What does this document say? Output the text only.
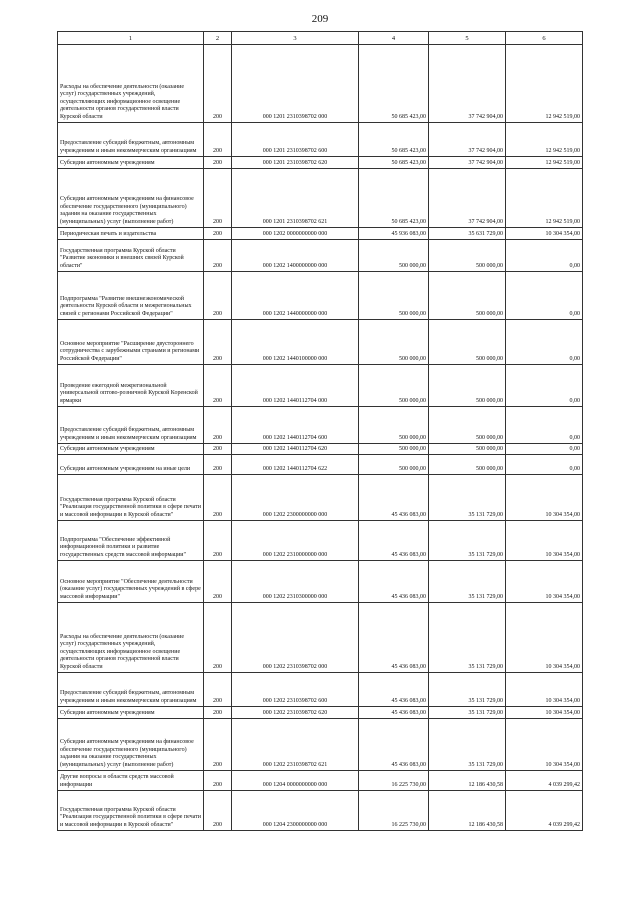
209
1	2	3	4	5	6
Расходы на обеспечение деятельности (оказание услуг) государственных учреждений, осуществляющих информационное освещение деятельности органов государственной власти Курской области	200	000 1201 2310398702 000	50 685 423,00	37 742 904,00	12 942 519,00
Предоставление субсидий бюджетным, автономным учреждениям и иным некоммерческим организациям	200	000 1201 2310398702 600	50 685 423,00	37 742 904,00	12 942 519,00
Субсидии автономным учреждениям	200	000 1201 2310398702 620	50 685 423,00	37 742 904,00	12 942 519,00
Субсидии автономным учреждениям на финансовое обеспечение государственного (муниципального) задания на оказание государственных (муниципальных) услуг (выполнение работ)	200	000 1201 2310398702 621	50 685 423,00	37 742 904,00	12 942 519,00
Периодическая печать и издательства	200	000 1202 0000000000 000	45 936 083,00	35 631 729,00	10 304 354,00
Государственная программа Курской области "Развитие экономики и внешних связей Курской области"	200	000 1202 1400000000 000	500 000,00	500 000,00	0,00
Подпрограмма "Развитие внешнеэкономической деятельности Курской области и межрегиональных связей с регионами Российской Федерации"	200	000 1202 1440000000 000	500 000,00	500 000,00	0,00
Основное мероприятие "Расширение двустороннего сотрудничества с зарубежными странами и регионами Российской Федерации"	200	000 1202 1440100000 000	500 000,00	500 000,00	0,00
Проведение ежегодной межрегиональной универсальной оптово-розничной Курской Коренской ярмарки	200	000 1202 1440112704 000	500 000,00	500 000,00	0,00
Предоставление субсидий бюджетным, автономным учреждениям и иным некоммерческим организациям	200	000 1202 1440112704 600	500 000,00	500 000,00	0,00
Субсидии автономным учреждениям	200	000 1202 1440112704 620	500 000,00	500 000,00	0,00
Субсидии автономным учреждениям на иные цели	200	000 1202 1440112704 622	500 000,00	500 000,00	0,00
Государственная программа Курской области "Реализация государственной политики в сфере печати и массовой информации в Курской области"	200	000 1202 2300000000 000	45 436 083,00	35 131 729,00	10 304 354,00
Подпрограмма "Обеспечение эффективной информационной политики и развитие государственных средств массовой информации"	200	000 1202 2310000000 000	45 436 083,00	35 131 729,00	10 304 354,00
Основное мероприятие "Обеспечение деятельности (оказание услуг) государственных учреждений в сфере массовой информации"	200	000 1202 2310300000 000	45 436 083,00	35 131 729,00	10 304 354,00
Расходы на обеспечение деятельности (оказание услуг) государственных учреждений, осуществляющих информационное освещение деятельности органов государственной власти Курской области	200	000 1202 2310398702 000	45 436 083,00	35 131 729,00	10 304 354,00
Предоставление субсидий бюджетным, автономным учреждениям и иным некоммерческим организациям	200	000 1202 2310398702 600	45 436 083,00	35 131 729,00	10 304 354,00
Субсидии автономным учреждениям	200	000 1202 2310398702 620	45 436 083,00	35 131 729,00	10 304 354,00
Субсидии автономным учреждениям на финансовое обеспечение государственного (муниципального) задания на оказание государственных (муниципальных) услуг (выполнение работ)	200	000 1202 2310398702 621	45 436 083,00	35 131 729,00	10 304 354,00
Другие вопросы в области средств массовой информации	200	000 1204 0000000000 000	16 225 730,00	12 186 430,58	4 039 299,42
Государственная программа Курской области "Реализация государственной политики в сфере печати и массовой информации в Курской области"	200	000 1204 2300000000 000	16 225 730,00	12 186 430,58	4 039 299,42
